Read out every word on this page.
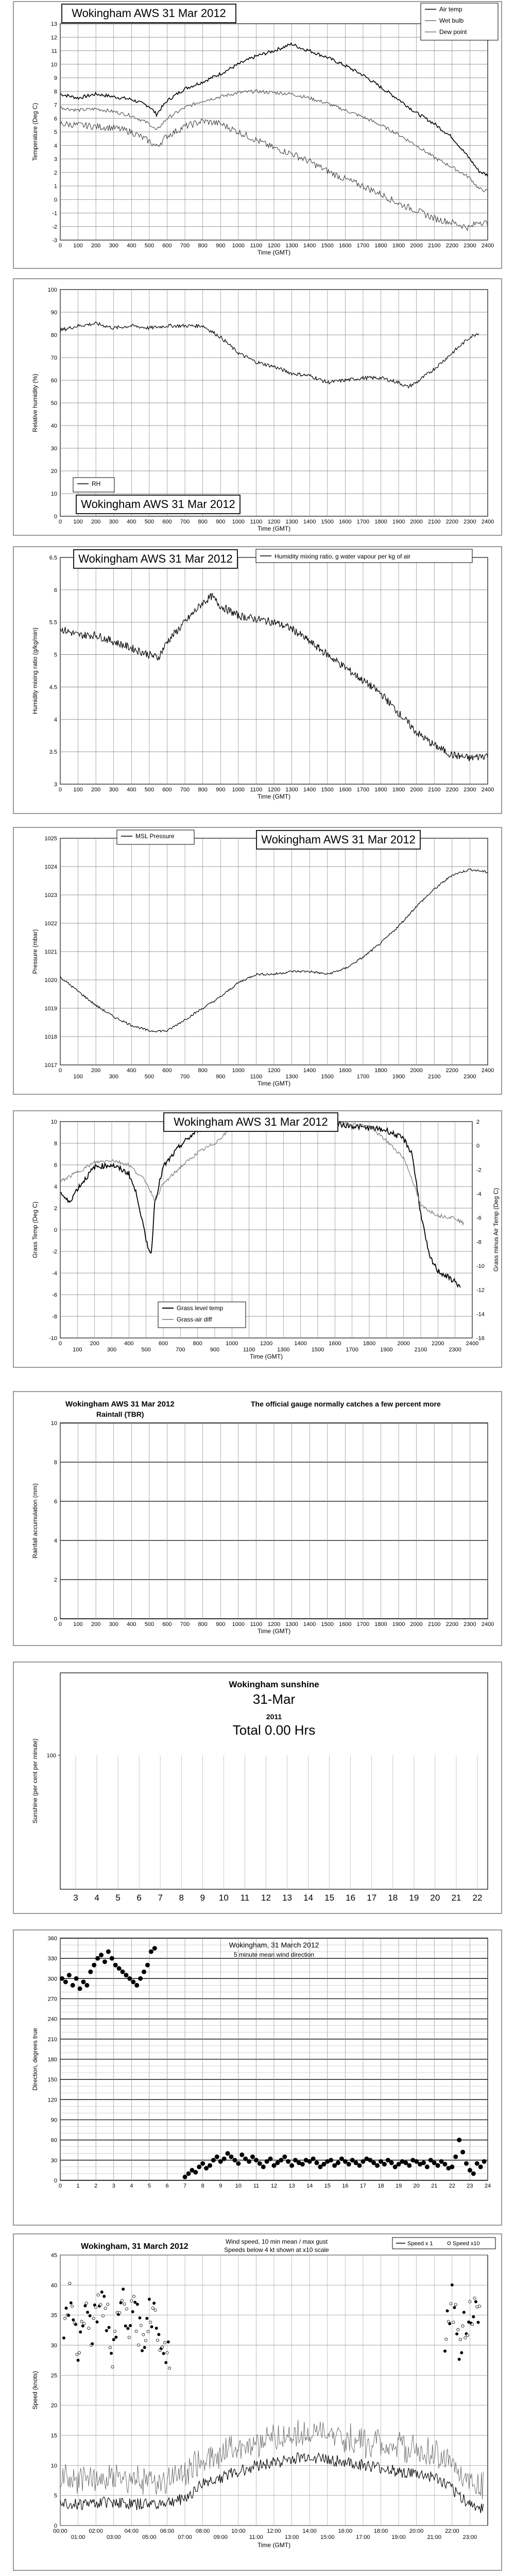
-3
-2
-1
0
1
2
3
4
5
6
7
8
9
10
11
12
13
0 100 200 300 400 500 600 700 800 900 1000 1100 1200 1300 1400 1500 1600 1700 1800 1900 2000 2100 2200 2300 2400
Time (GMT)
Temperature (Deg C)
Air temp
Wet bulb
Dew point
Wokingham AWS 31 Mar 2012
0
10
20
30
40
50
60
70
80
90
100
0 100 200 300 400 500 600 700 800 900 1000 1100 1200 1300 1400 1500 1600 1700 1800 1900 2000 2100 2200 2300 2400
Time (GMT)
Relative humidity (%)
RH
Wokingham AWS 31 Mar 2012
3
3.5
4
4.5
5
5.5
6
6.5
0 100 200 300 400 500 600 700 800 900 1000 1100 1200 1300 1400 1500 1600 1700 1800 1900 2000 2100 2200 2300 2400
Time (GMT)
Humidity mixing ratio (g/kg/min)
Humidity mixing ratio, g water vapour per kg of air
Wokingham AWS 31 Mar 2012
1017
1018
1019
1020
1021
1022
1023
1024
1025
0
100
200
300
400
500
600
700
800
900
1000
1100
1200
1300
1400
1500
1600
1700
1800
1900
2000
2100
2200
2300
2400
Time (GMT)
Pressure (mbar)
MSL Pressure	Wokingham AWS 31 Mar 2012
-10
-8
-6
-4
-2
0
2
4
6
8
10
0
100
200
300
400
500
600
700
800
900
1000
1100
1200
1300
1400
1500
1600
1700
1800
1900
2000
2100
2200
2300
2400
Time (GMT)
Grass Temp (Deg C)
-16
-14
-12
-10
-8
-6
-4
-2
0
2
Grass minus Air Temp (Deg C)
Grass level temp
Grass-air diff
Wokingham AWS 31 Mar 2012
0
2
4
6
8
10
0 100 200 300 400 500 600 700 800 900 1000 1100 1200 1300 1400 1500 1600 1700 1800 1900 2000 2100 2200 2300 2400
Time (GMT)
Rainfall accumulation (mm)
Wokingham AWS 31 Mar 2012
Raintall (TBR)
The official gauge normally catches a few percent more
3 4 5 6 7 8 9 10 11 12 13 14 15 16 17 18 19 20 21 22
100
Sunshine (per cent per minute)
Wokingham sunshine
31-Mar
2011
Total 0.00 Hrs
0
30
60
90
120
150
180
210
240
270
300
330
360
0	1	2	3	4	5	6	7	8	9 10 11 12 13 14 15 16 17 18 19 20 21 22 23 24
Direction, degrees true
Wokingham, 31 March 2012
5 minute mean wind direction
0
5
10
15
20
25
30
35
40
45
00:00
01:00
02:00
03:00
04:00
05:00
06:00
07:00
08:00
09:00
10:00
11:00
12:00
13:00
14:00
15:00
16:00
17:00
18:00
19:00
20:00
21:00
22:00
23:00
Time (GMT)
Speed (knots)
Wokingham, 31 March 2012
Wind speed, 10 min mean / max gust
Speeds below 4 kt shown at x10 scale
Speed x 1	Speed x10
